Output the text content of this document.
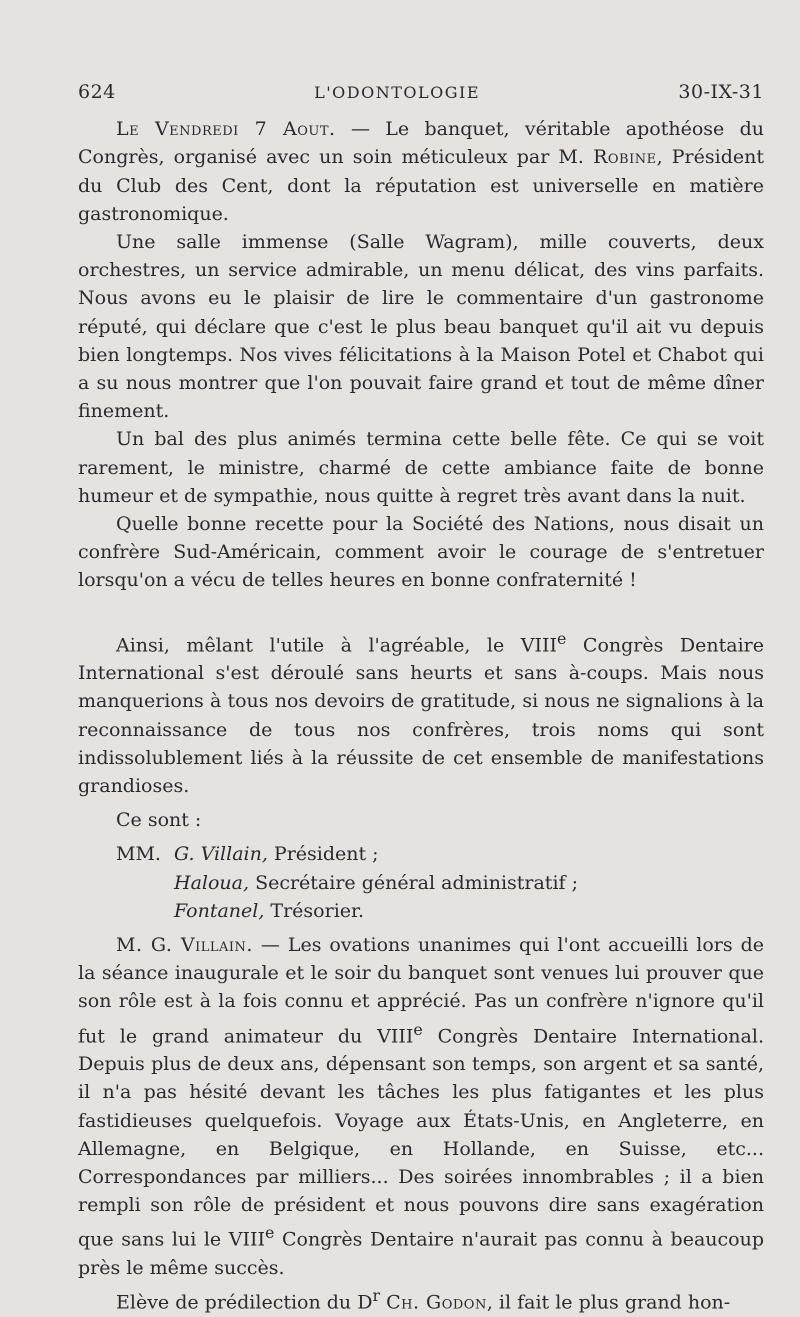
624	L'ODONTOLOGIE	30-IX-31

Le Vendredi 7 Aout. — Le banquet, véritable apothéose du Congrès, organisé avec un soin méticuleux par M. Robine, Président du Club des Cent, dont la réputation est universelle en matière gastronomique.

Une salle immense (Salle Wagram), mille couverts, deux orchestres, un service admirable, un menu délicat, des vins parfaits. Nous avons eu le plaisir de lire le commentaire d'un gastronome réputé, qui déclare que c'est le plus beau banquet qu'il ait vu depuis bien longtemps. Nos vives félicitations à la Maison Potel et Chabot qui a su nous montrer que l'on pouvait faire grand et tout de même dîner finement.

Un bal des plus animés termina cette belle fête. Ce qui se voit rarement, le ministre, charmé de cette ambiance faite de bonne humeur et de sympathie, nous quitte à regret très avant dans la nuit.

Quelle bonne recette pour la Société des Nations, nous disait un confrère Sud-Américain, comment avoir le courage de s'entretuer lorsqu'on a vécu de telles heures en bonne confraternité !

Ainsi, mêlant l'utile à l'agréable, le VIIIe Congrès Dentaire International s'est déroulé sans heurts et sans à-coups. Mais nous manquerions à tous nos devoirs de gratitude, si nous ne signalions à la reconnaissance de tous nos confrères, trois noms qui sont indissolublement liés à la réussite de cet ensemble de manifestations grandioses.

Ce sont :

MM. G. Villain, Président ;
Haloua, Secrétaire général administratif ;
Fontanel, Trésorier.

M. G. Villain. — Les ovations unanimes qui l'ont accueilli lors de la séance inaugurale et le soir du banquet sont venues lui prouver que son rôle est à la fois connu et apprécié. Pas un confrère n'ignore qu'il fut le grand animateur du VIIIe Congrès Dentaire International. Depuis plus de deux ans, dépensant son temps, son argent et sa santé, il n'a pas hésité devant les tâches les plus fatigantes et les plus fastidieuses quelquefois. Voyage aux États-Unis, en Angleterre, en Allemagne, en Belgique, en Hollande, en Suisse, etc... Correspondances par milliers... Des soirées innombrables ; il a bien rempli son rôle de président et nous pouvons dire sans exagération que sans lui le VIIIe Congrès Dentaire n'aurait pas connu à beaucoup près le même succès.

Elève de prédilection du $D^r$ Ch. Godon, il fait le plus grand hon-
